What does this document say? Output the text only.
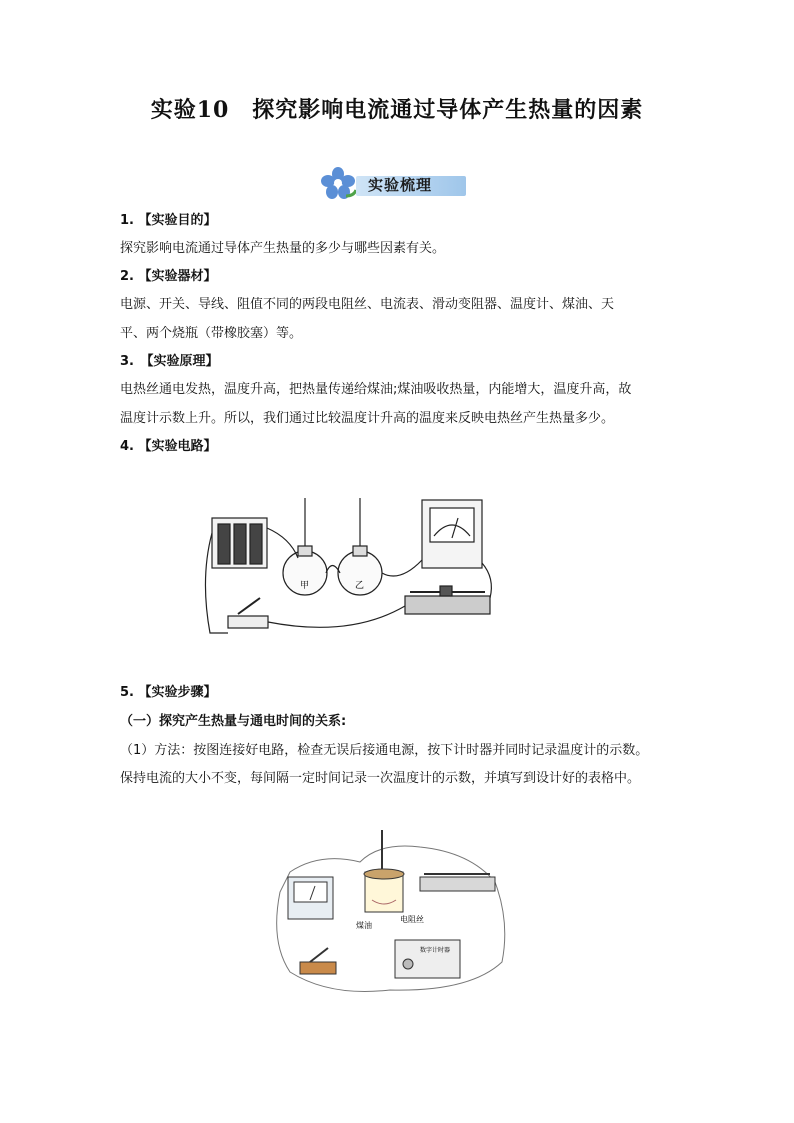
实验10　探究影响电流通过导体产生热量的因素
实验梳理
1. 【实验目的】
探究影响电流通过导体产生热量的多少与哪些因素有关。
2. 【实验器材】
电源、开关、导线、阻值不同的两段电阻丝、电流表、滑动变阻器、温度计、煤油、天
平、两个烧瓶（带橡胶塞）等。
3.　【实验原理】
电热丝通电发热，温度升高，把热量传递给煤油;煤油吸收热量，内能增大，温度升高，故
温度计示数上升。所以，我们通过比较温度计升高的温度来反映电热丝产生热量多少。
4. 【实验电路】
甲	乙
5. 【实验步骤】
（一）探究产生热量与通电时间的关系:
（1）方法：按图连接好电路，检查无误后接通电源，按下计时器并同时记录温度计的示数。
保持电流的大小不变，每间隔一定时间记录一次温度计的示数，并填写到设计好的表格中。
煤油
电阻丝
数字计时器
